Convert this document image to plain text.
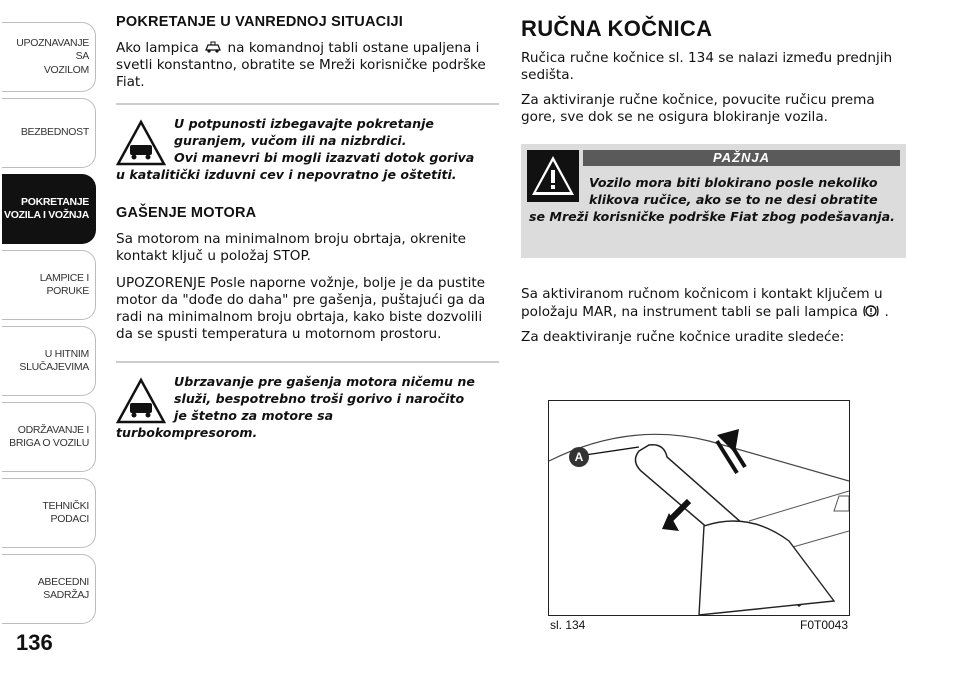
UPOZNAVANJE SA
VOZILOM
BEZBEDNOST
POKRETANJE
VOZILA I VOŽNJA
LAMPICE I PORUKE
U HITNIM
SLUČAJEVIMA
ODRŽAVANJE I
BRIGA O VOZILU
TEHNIČKI PODACI
ABECEDNI SADRŽAJ
136
POKRETANJE U VANREDNOJ SITUACIJI
Ako lampica na komandnoj tabli ostane upaljena i svetli konstantno, obratite se Mreži korisničke podrške Fiat.
U potpunosti izbegavajte pokretanje
guranjem, vučom ili na nizbrdici.
Ovi manevri bi mogli izazvati dotok goriva
u katalitički izduvni cev i nepovratno je oštetiti.
GAŠENJE MOTORA
Sa motorom na minimalnom broju obrtaja, okrenite kontakt ključ u položaj STOP.
UPOZORENJE Posle naporne vožnje, bolje je da pustite motor da "dođe do daha" pre gašenja, puštajući ga da radi na minimalnom broju obrtaja, kako biste dozvolili da se spusti temperatura u motornom prostoru.
Ubrzavanje pre gašenja motora ničemu ne
služi, bespotrebno troši gorivo i naročito
je štetno za motore sa
turbokompresorom.
RUČNA KOČNICA
Ručica ručne kočnice sl. 134 se nalazi između prednjih sedišta.
Za aktiviranje ručne kočnice, povucite ručicu prema gore, sve dok se ne osigura blokiranje vozila.
PAŽNJA
Vozilo mora biti blokirano posle nekoliko klikova ručice, ako se to ne desi obratite
se Mreži korisničke podrške Fiat zbog podešavanja.
Sa aktiviranom ručnom kočnicom i kontakt ključem u položaju MAR, na instrument tabli se pali lampica .
Za deaktiviranje ručne kočnice uradite sledeće:
A
sl. 134	F0T0043
